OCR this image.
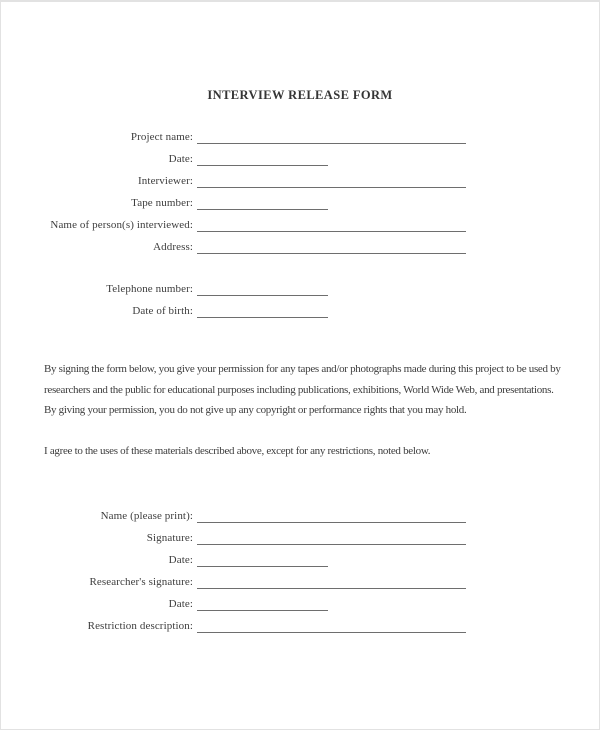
INTERVIEW RELEASE FORM
Project name:
Date:
Interviewer:
Tape number:
Name of person(s) interviewed:
Address:
Telephone number:
Date of birth:
By signing the form below, you give your permission for any tapes and/or photographs made during this project to be used by
researchers and the public for educational purposes including publications, exhibitions, World Wide Web, and presentations.
By giving your permission, you do not give up any copyright or performance rights that you may hold.
I agree to the uses of these materials described above, except for any restrictions, noted below.
Name (please print):
Signature:
Date:
Researcher's signature:
Date:
Restriction description:
